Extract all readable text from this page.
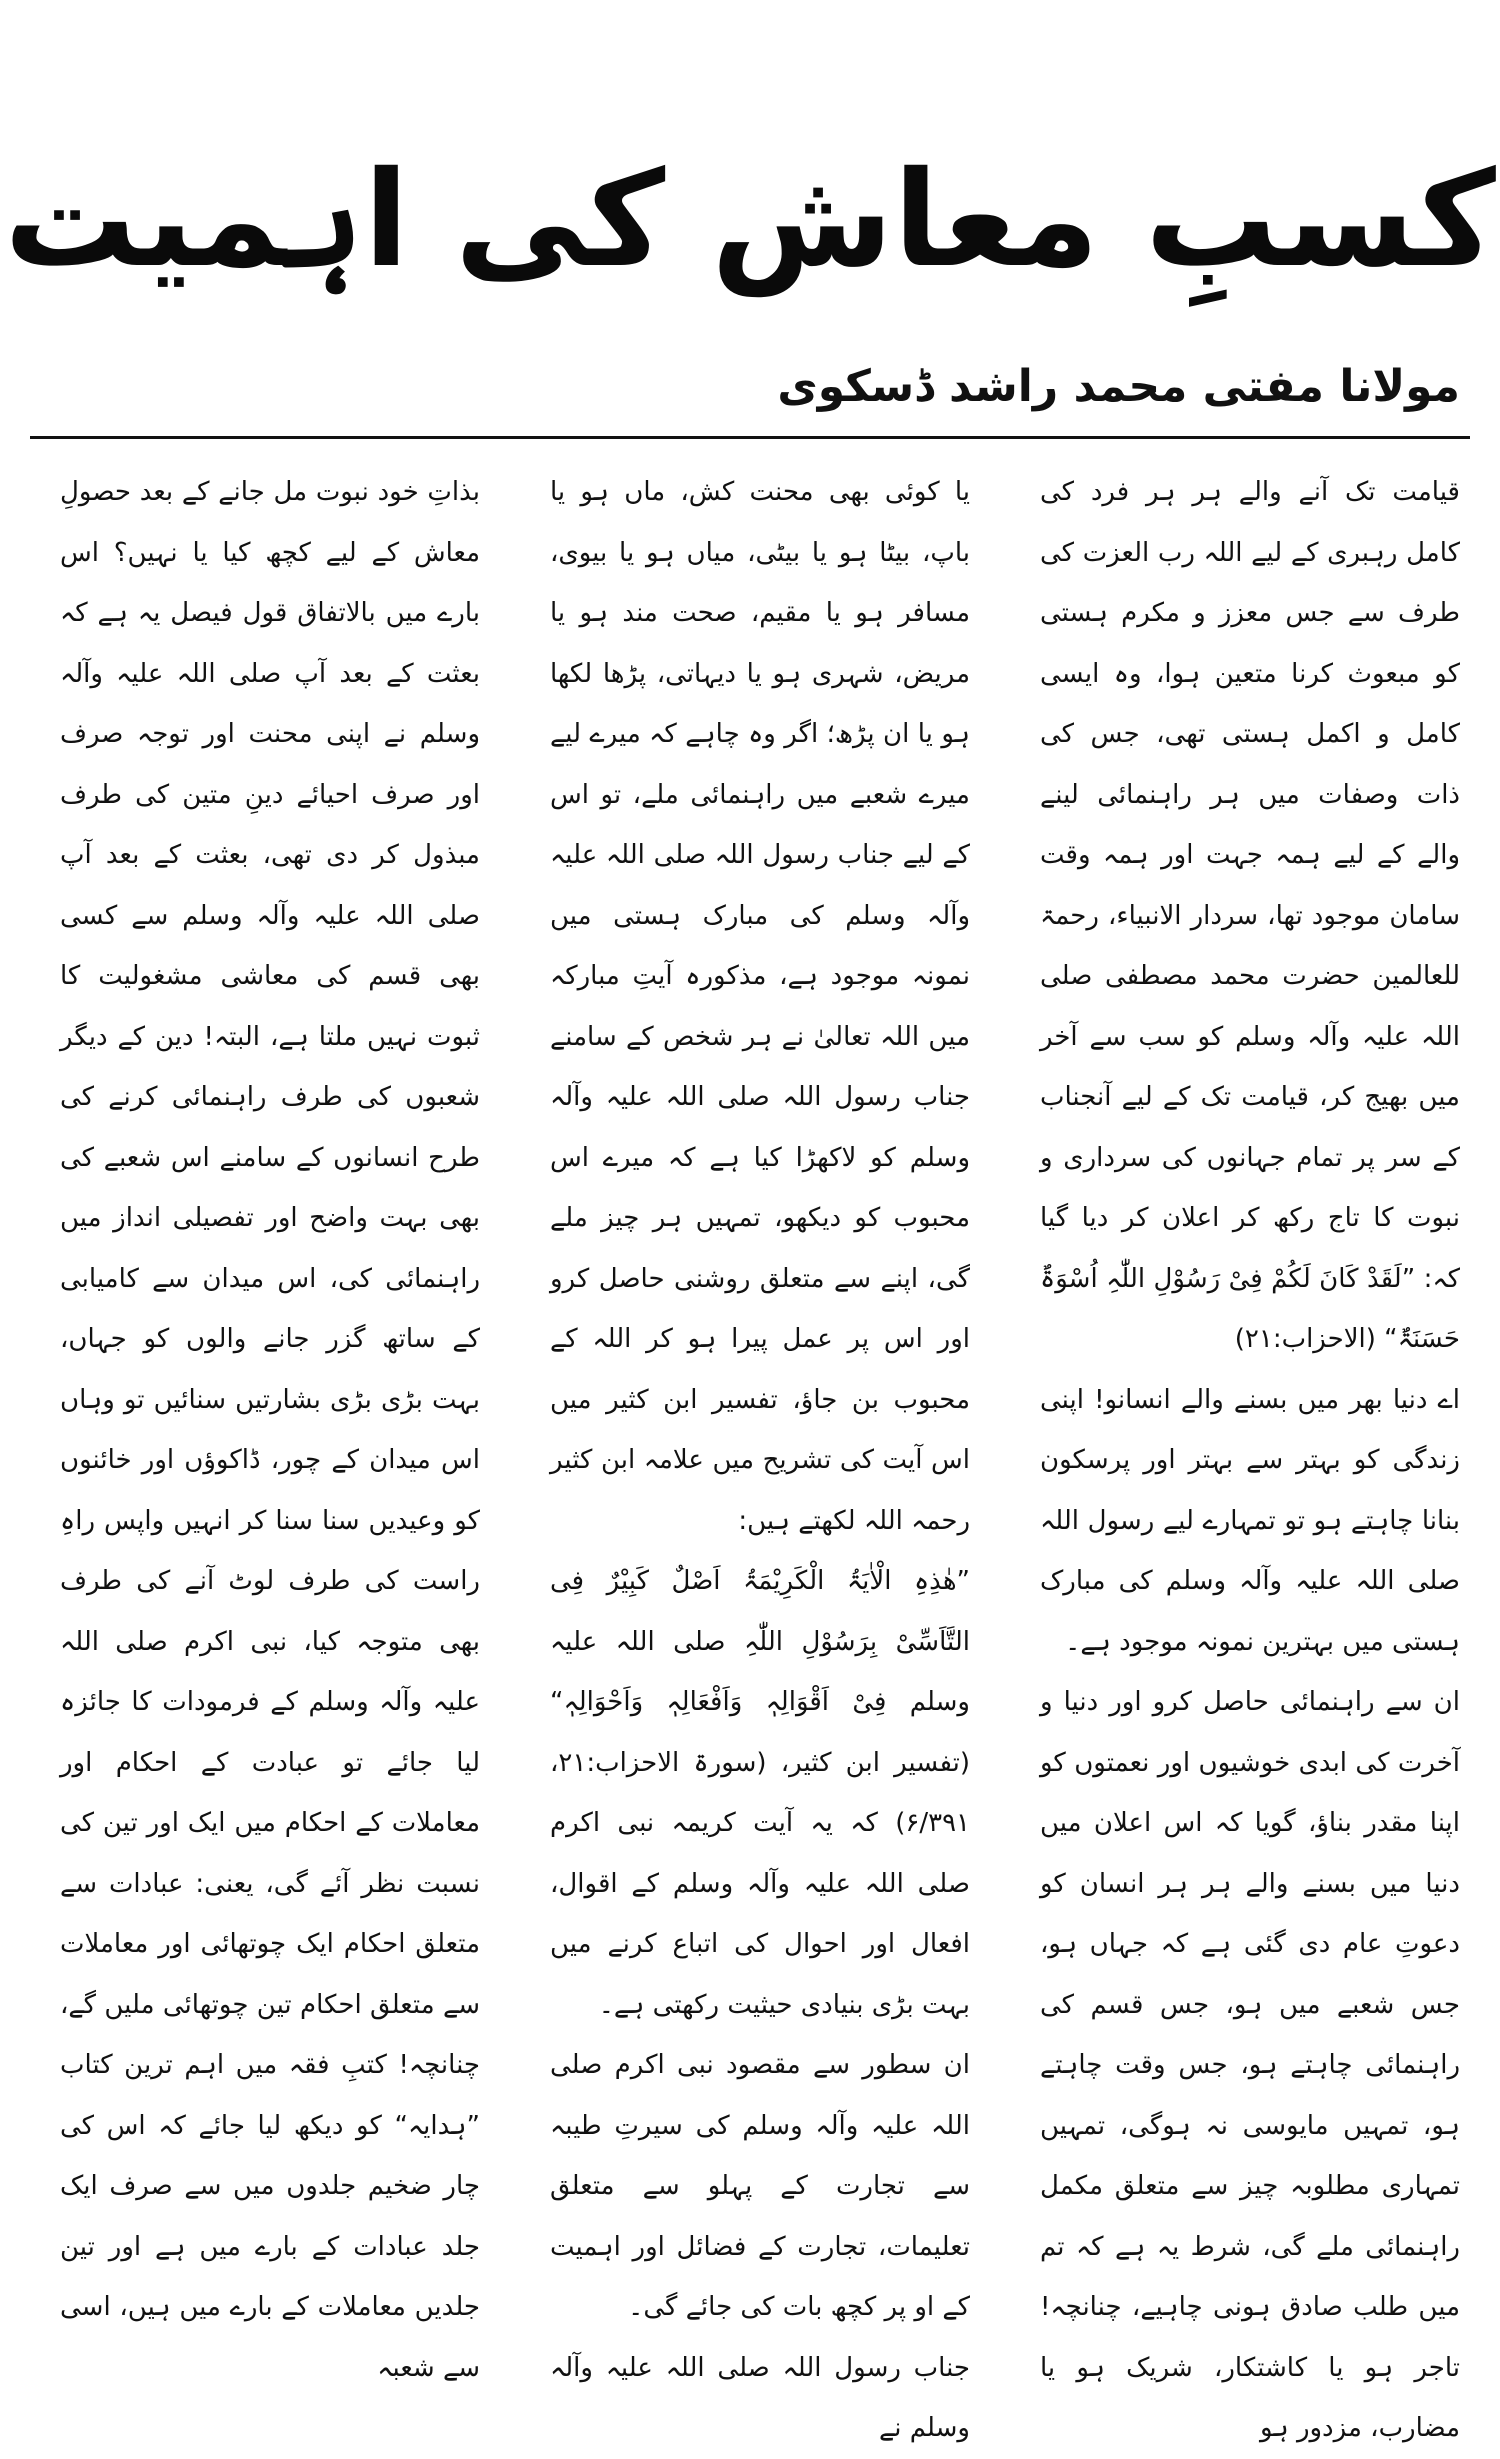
کسبِ معاش کی اہمیت
مولانا مفتی محمد راشد ڈسکوی

قیامت تک آنے والے ہر ہر فرد کی کامل رہبری کے لیے اللہ رب العزت کی طرف سے جس معزز و مکرم ہستی کو مبعوث کرنا متعین ہوا، وہ ایسی کامل و اکمل ہستی تھی، جس کی ذات وصفات میں ہر راہنمائی لینے والے کے لیے ہمہ جہت اور ہمہ وقت سامان موجود تھا، سردار الانبیاء، رحمۃ للعالمین حضرت محمد مصطفی صلی اللہ علیہ وآلہ وسلم کو سب سے آخر میں بھیج کر، قیامت تک کے لیے آنجناب کے سر پر تمام جہانوں کی سرداری و نبوت کا تاج رکھ کر اعلان کر دیا گیا کہ: ”لَقَدْ کَانَ لَکُمْ فِیْ رَسُوْلِ اللّٰہِ اُسْوَۃٌ حَسَنَۃٌ“ (الاحزاب:۲۱)

اے دنیا بھر میں بسنے والے انسانو! اپنی زندگی کو بہتر سے بہتر اور پرسکون بنانا چاہتے ہو تو تمہارے لیے رسول اللہ صلی اللہ علیہ وآلہ وسلم کی مبارک ہستی میں بہترین نمونہ موجود ہے۔

ان سے راہنمائی حاصل کرو اور دنیا و آخرت کی ابدی خوشیوں اور نعمتوں کو اپنا مقدر بناؤ، گویا کہ اس اعلان میں دنیا میں بسنے والے ہر ہر انسان کو دعوتِ عام دی گئی ہے کہ جہاں ہو، جس شعبے میں ہو، جس قسم کی راہنمائی چاہتے ہو، جس وقت چاہتے ہو، تمہیں مایوسی نہ ہوگی، تمہیں تمہاری مطلوبہ چیز سے متعلق مکمل راہنمائی ملے گی، شرط یہ ہے کہ تم میں طلب صادق ہونی چاہیے، چنانچہ! تاجر ہو یا کاشتکار، شریک ہو یا مضارب، مزدور ہو

یا کوئی بھی محنت کش، ماں ہو یا باپ، بیٹا ہو یا بیٹی، میاں ہو یا بیوی، مسافر ہو یا مقیم، صحت مند ہو یا مریض، شہری ہو یا دیہاتی، پڑھا لکھا ہو یا ان پڑھ؛ اگر وہ چاہے کہ میرے لیے میرے شعبے میں راہنمائی ملے، تو اس کے لیے جناب رسول اللہ صلی اللہ علیہ وآلہ وسلم کی مبارک ہستی میں نمونہ موجود ہے، مذکورہ آیتِ مبارکہ میں اللہ تعالیٰ نے ہر شخص کے سامنے جناب رسول اللہ صلی اللہ علیہ وآلہ وسلم کو لاکھڑا کیا ہے کہ میرے اس محبوب کو دیکھو، تمہیں ہر چیز ملے گی، اپنے سے متعلق روشنی حاصل کرو اور اس پر عمل پیرا ہو کر اللہ کے محبوب بن جاؤ، تفسیر ابن کثیر میں اس آیت کی تشریح میں علامہ ابن کثیر رحمہ اللہ لکھتے ہیں:

”ھٰذِہِ الْاٰیَۃُ الْکَرِیْمَۃُ اَصْلٌ کَبِیْرٌ فِی التَّاَسِّیْ بِرَسُوْلِ اللّٰہِ صلی اللہ علیہ وسلم فِیْ اَقْوَالِہٖ وَاَفْعَالِہٖ وَاَحْوَالِہٖ“ (تفسیر ابن کثیر، (سورۃ الاحزاب:۲۱، ۶/۳۹۱) کہ یہ آیت کریمہ نبی اکرم صلی اللہ علیہ وآلہ وسلم کے اقوال، افعال اور احوال کی اتباع کرنے میں بہت بڑی بنیادی حیثیت رکھتی ہے۔

ان سطور سے مقصود نبی اکرم صلی اللہ علیہ وآلہ وسلم کی سیرتِ طیبہ سے تجارت کے پہلو سے متعلق تعلیمات، تجارت کے فضائل اور اہمیت کے او پر کچھ بات کی جائے گی۔

جناب رسول اللہ صلی اللہ علیہ وآلہ وسلم نے

بذاتِ خود نبوت مل جانے کے بعد حصولِ معاش کے لیے کچھ کیا یا نہیں؟ اس بارے میں بالاتفاق قول فیصل یہ ہے کہ بعثت کے بعد آپ صلی اللہ علیہ وآلہ وسلم نے اپنی محنت اور توجہ صرف اور صرف احیائے دینِ متین کی طرف مبذول کر دی تھی، بعثت کے بعد آپ صلی اللہ علیہ وآلہ وسلم سے کسی بھی قسم کی معاشی مشغولیت کا ثبوت نہیں ملتا ہے، البتہ! دین کے دیگر شعبوں کی طرف راہنمائی کرنے کی طرح انسانوں کے سامنے اس شعبے کی بھی بہت واضح اور تفصیلی انداز میں راہنمائی کی، اس میدان سے کامیابی کے ساتھ گزر جانے والوں کو جہاں، بہت بڑی بڑی بشارتیں سنائیں تو وہاں اس میدان کے چور، ڈاکوؤں اور خائنوں کو وعیدیں سنا سنا کر انہیں واپس راہِ راست کی طرف لوٹ آنے کی طرف بھی متوجہ کیا، نبی اکرم صلی اللہ علیہ وآلہ وسلم کے فرمودات کا جائزہ لیا جائے تو عبادت کے احکام اور معاملات کے احکام میں ایک اور تین کی نسبت نظر آئے گی، یعنی: عبادات سے متعلق احکام ایک چوتھائی اور معاملات سے متعلق احکام تین چوتھائی ملیں گے، چنانچہ! کتبِ فقہ میں اہم ترین کتاب ”ہدایہ“ کو دیکھ لیا جائے کہ اس کی چار ضخیم جلدوں میں سے صرف ایک جلد عبادات کے بارے میں ہے اور تین جلدیں معاملات کے بارے میں ہیں، اسی سے شعبہ
